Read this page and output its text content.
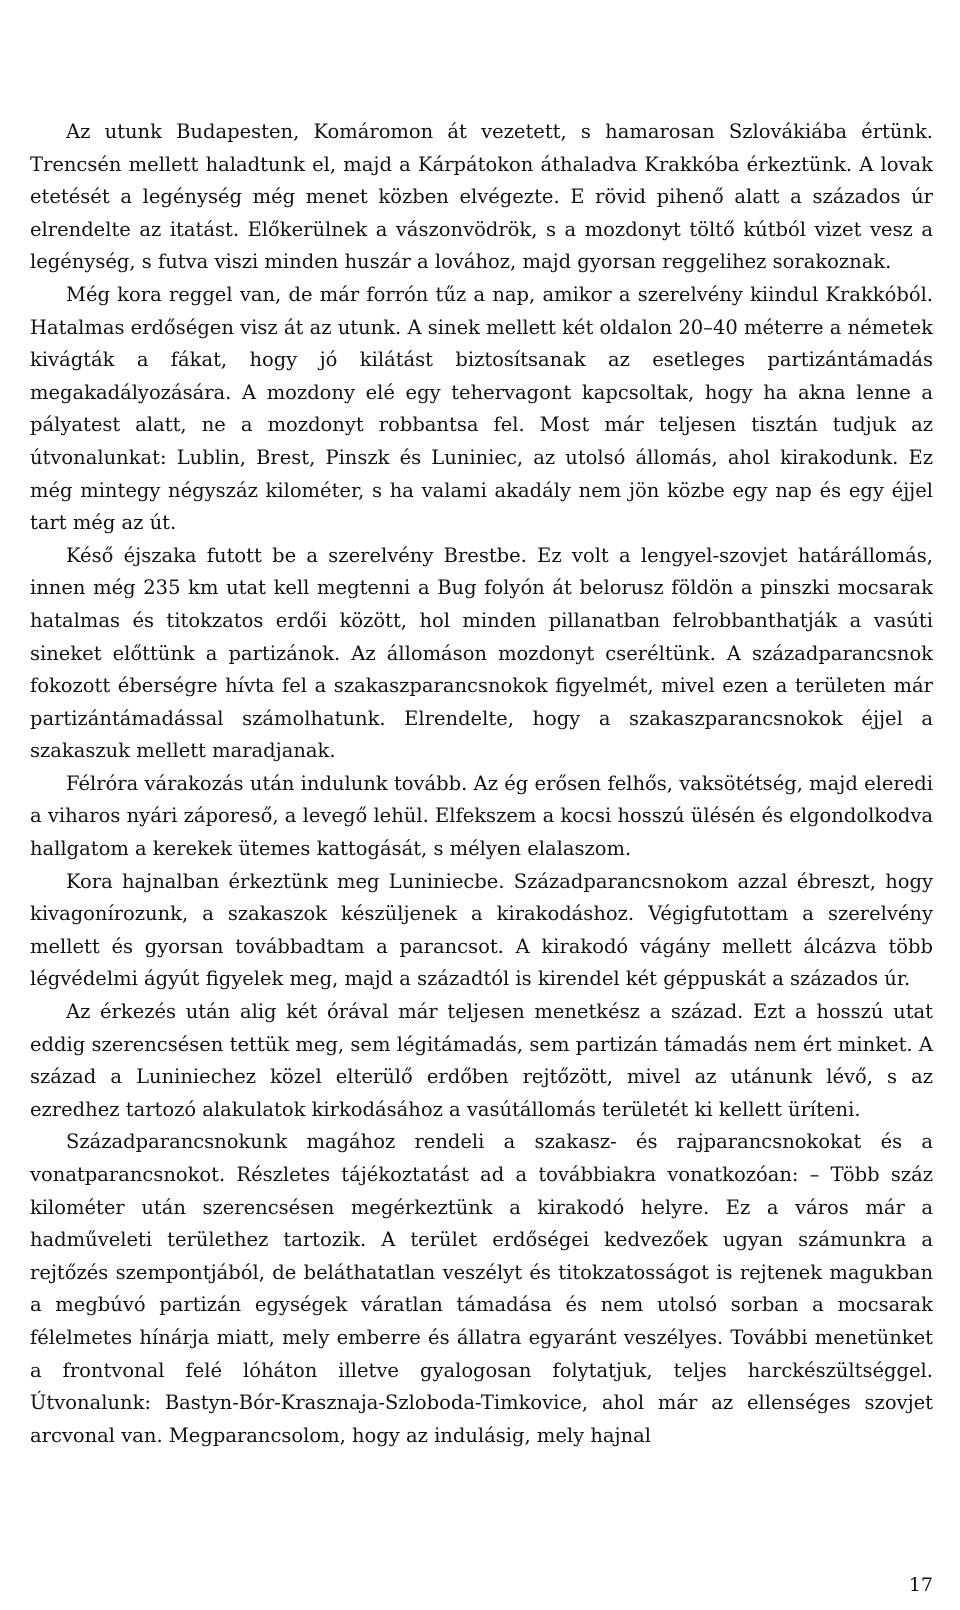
Az utunk Budapesten, Komáromon át vezetett, s hamarosan Szlovákiába értünk. Trencsén mellett haladtunk el, majd a Kárpátokon áthaladva Krakkóba érkeztünk. A lovak etetését a legénység még menet közben elvégezte. E rövid pihenő alatt a százados úr elrendelte az itatást. Előkerülnek a vászonvödrök, s a mozdonyt töltő kútból vizet vesz a legénység, s futva viszi minden huszár a lovához, majd gyorsan reggelihez sorakoznak.

Még kora reggel van, de már forrón tűz a nap, amikor a szerelvény kiindul Krakkóból. Hatalmas erdőségen visz át az utunk. A sinek mellett két oldalon 20–40 méterre a németek kivágták a fákat, hogy jó kilátást biztosítsanak az esetleges partizántámadás megakadályozására. A mozdony elé egy tehervagont kapcsoltak, hogy ha akna lenne a pályatest alatt, ne a mozdonyt robbantsa fel. Most már teljesen tisztán tudjuk az útvonalunkat: Lublin, Brest, Pinszk és Luniniec, az utolsó állomás, ahol kirakodunk. Ez még mintegy négyszáz kilométer, s ha valami akadály nem jön közbe egy nap és egy éjjel tart még az út.

Késő éjszaka futott be a szerelvény Brestbe. Ez volt a lengyel-szovjet határállomás, innen még 235 km utat kell megtenni a Bug folyón át belorusz földön a pinszki mocsarak hatalmas és titokzatos erdői között, hol minden pillanatban felrobbanthatják a vasúti sineket előttünk a partizánok. Az állomáson mozdonyt cseréltünk. A századparancsnok fokozott éberségre hívta fel a szakaszparancsnokok figyelmét, mivel ezen a területen már partizántámadással számolhatunk. Elrendelte, hogy a szakaszparancsnokok éjjel a szakaszuk mellett maradjanak.

Félróra várakozás után indulunk tovább. Az ég erősen felhős, vaksötétség, majd eleredi a viharos nyári záporeső, a levegő lehül. Elfekszem a kocsi hosszú ülésén és elgondolkodva hallgatom a kerekek ütemes kattogását, s mélyen elalaszom.

Kora hajnalban érkeztünk meg Luniniecbe. Századparancsnokom azzal ébreszt, hogy kivagonírozunk, a szakaszok készüljenek a kirakodáshoz. Végigfutottam a szerelvény mellett és gyorsan továbbadtam a parancsot. A kirakodó vágány mellett álcázva több légvédelmi ágyút figyelek meg, majd a századtól is kirendel két géppuskát a százados úr.

Az érkezés után alig két órával már teljesen menetkész a század. Ezt a hosszú utat eddig szerencsésen tettük meg, sem légitámadás, sem partizán támadás nem ért minket. A század a Luniniechez közel elterülő erdőben rejtőzött, mivel az utánunk lévő, s az ezredhez tartozó alakulatok kirkodásához a vasútállomás területét ki kellett üríteni.

Századparancsnokunk magához rendeli a szakasz- és rajparancsnokokat és a vonatparancsnokot. Részletes tájékoztatást ad a továbbiakra vonatkozóan: – Több száz kilométer után szerencsésen megérkeztünk a kirakodó helyre. Ez a város már a hadműveleti területhez tartozik. A terület erdőségei kedvezőek ugyan számunkra a rejtőzés szempontjából, de beláthatatlan veszélyt és titokzatosságot is rejtenek magukban a megbúvó partizán egységek váratlan támadása és nem utolsó sorban a mocsarak félelmetes hínárja miatt, mely emberre és állatra egyaránt veszélyes. További menetünket a frontvonal felé lóháton illetve gyalogosan folytatjuk, teljes harckészültséggel. Útvonalunk: Bastyn-Bór-Krasznaja-Szloboda-Timkovice, ahol már az ellenséges szovjet arcvonal van. Megparancsolom, hogy az indulásig, mely hajnal

17
